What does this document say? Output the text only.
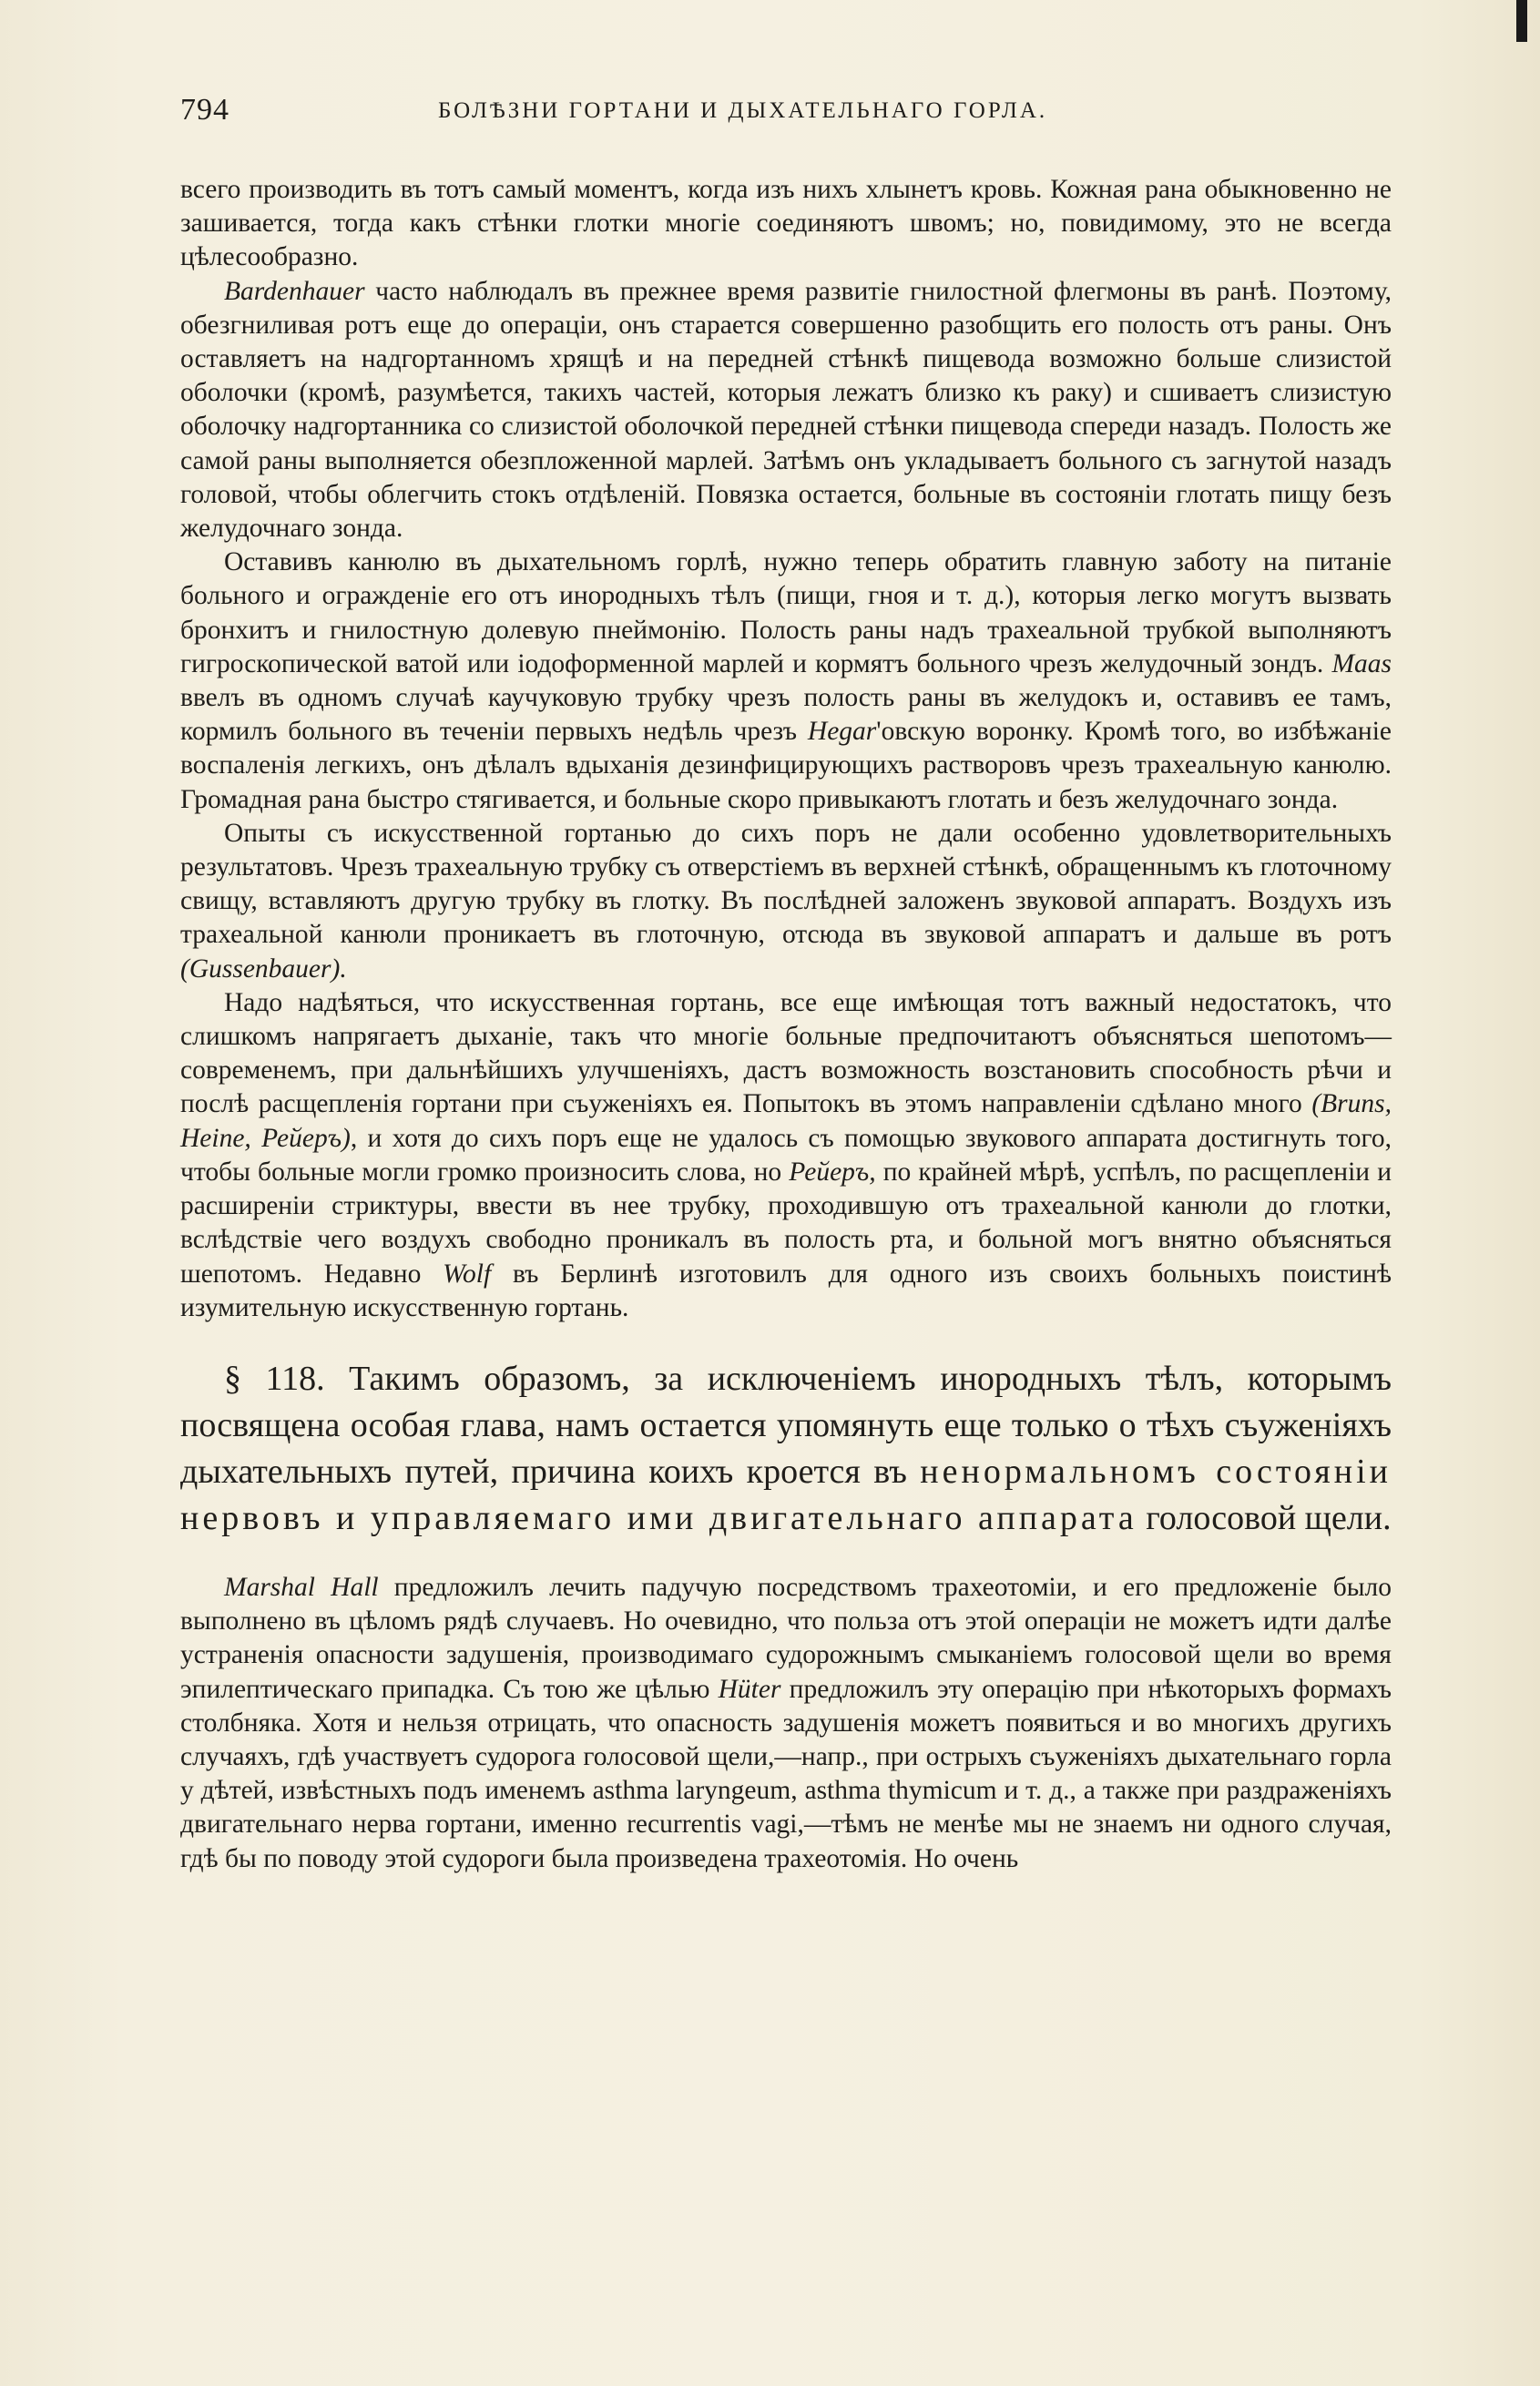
794	БОЛѢЗНИ ГОРТАНИ И ДЫХАТЕЛЬНАГО ГОРЛА.

всего производить въ тотъ самый моментъ, когда изъ нихъ хлынетъ кровь. Кожная рана обыкновенно не зашивается, тогда какъ стѣнки глотки многiе соединяютъ швомъ; но, повидимому, это не всегда цѣлесообразно.

Bardenhauer часто наблюдалъ въ прежнее время развитiе гнилостной флегмоны въ ранѣ. Поэтому, обезгниливая ротъ еще до операцiи, онъ старается совершенно разобщить его полость отъ раны. Онъ оставляетъ на надгортанномъ хрящѣ и на передней стѣнкѣ пищевода возможно больше слизистой оболочки (кромѣ, разумѣется, такихъ частей, которыя лежатъ близко къ раку) и сшиваетъ слизистую оболочку надгортанника со слизистой оболочкой передней стѣнки пищевода спереди назадъ. Полость же самой раны выполняется обезпложенной марлей. Затѣмъ онъ укладываетъ больного съ загнутой назадъ головой, чтобы облегчить стокъ отдѣленiй. Повязка остается, больные въ состоянiи глотать пищу безъ желудочнаго зонда.

Оставивъ канюлю въ дыхательномъ горлѣ, нужно теперь обратить главную заботу на питанiе больного и огражденiе его отъ инородныхъ тѣлъ (пищи, гноя и т. д.), которыя легко могутъ вызвать бронхитъ и гнилостную долевую пнеймонiю. Полость раны надъ трахеальной трубкой выполняютъ гигроскопической ватой или iодоформенной марлей и кормятъ больного чрезъ желудочный зондъ. Maas ввелъ въ одномъ случаѣ каучуковую трубку чрезъ полость раны въ желудокъ и, оставивъ ее тамъ, кормилъ больного въ теченiи первыхъ недѣль чрезъ Hegar'овскую воронку. Кромѣ того, во избѣжанiе воспаленiя легкихъ, онъ дѣлалъ вдыханiя дезинфицирующихъ растворовъ чрезъ трахеальную канюлю. Громадная рана быстро стягивается, и больные скоро привыкаютъ глотать и безъ желудочнаго зонда.

Опыты съ искусственной гортанью до сихъ поръ не дали особенно удовлетворительныхъ результатовъ. Чрезъ трахеальную трубку съ отверстiемъ въ верхней стѣнкѣ, обращеннымъ къ глоточному свищу, вставляютъ другую трубку въ глотку. Въ послѣдней заложенъ звуковой аппаратъ. Воздухъ изъ трахеальной канюли проникаетъ въ глоточную, отсюда въ звуковой аппаратъ и дальше въ ротъ (Gussenbauer).

Надо надѣяться, что искусственная гортань, все еще имѣющая тотъ важный недостатокъ, что слишкомъ напрягаетъ дыханiе, такъ что многiе больные предпочитаютъ объясняться шепотомъ—современемъ, при дальнѣйшихъ улучшенiяхъ, дастъ возможность возстановить способность рѣчи и послѣ расщепленiя гортани при съуженiяхъ ея. Попытокъ въ этомъ направленiи сдѣлано много (Bruns, Heine, Рейеръ), и хотя до сихъ поръ еще не удалось съ помощью звукового аппарата достигнуть того, чтобы больные могли громко произносить слова, но Рейеръ, по крайней мѣрѣ, успѣлъ, по расщепленiи и расширенiи стриктуры, ввести въ нее трубку, проходившую отъ трахеальной канюли до глотки, вслѣдствiе чего воздухъ свободно проникалъ въ полость рта, и больной могъ внятно объясняться шепотомъ. Недавно Wolf въ Берлинѣ изготовилъ для одного изъ своихъ больныхъ поистинѣ изумительную искусственную гортань.

§ 118. Такимъ образомъ, за исключенiемъ инородныхъ тѣлъ, которымъ посвящена особая глава, намъ остается упомянуть еще только о тѣхъ съуженiяхъ дыхательныхъ путей, причина коихъ кроется въ ненормальномъ состоянiи нервовъ и управляемаго ими двигательнаго аппарата голосовой щели.

Marshal Hall предложилъ лечить падучую посредствомъ трахеотомiи, и его предложенiе было выполнено въ цѣломъ рядѣ случаевъ. Но очевидно, что польза отъ этой операцiи не можетъ идти далѣе устраненiя опасности задушенiя, производимаго судорожнымъ смыканiемъ голосовой щели во время эпилептическаго припадка. Съ тою же цѣлью Hüter предложилъ эту операцiю при нѣкоторыхъ формахъ столбняка. Хотя и нельзя отрицать, что опасность задушенiя можетъ появиться и во многихъ другихъ случаяхъ, гдѣ участвуетъ судорога голосовой щели,—напр., при острыхъ съуженiяхъ дыхательнаго горла у дѣтей, извѣстныхъ подъ именемъ asthma laryngeum, asthma thymicum и т. д., а также при раздраженiяхъ двигательнаго нерва гортани, именно recurrentis vagi,—тѣмъ не менѣе мы не знаемъ ни одного случая, гдѣ бы по поводу этой судороги была произведена трахеотомiя. Но очень
